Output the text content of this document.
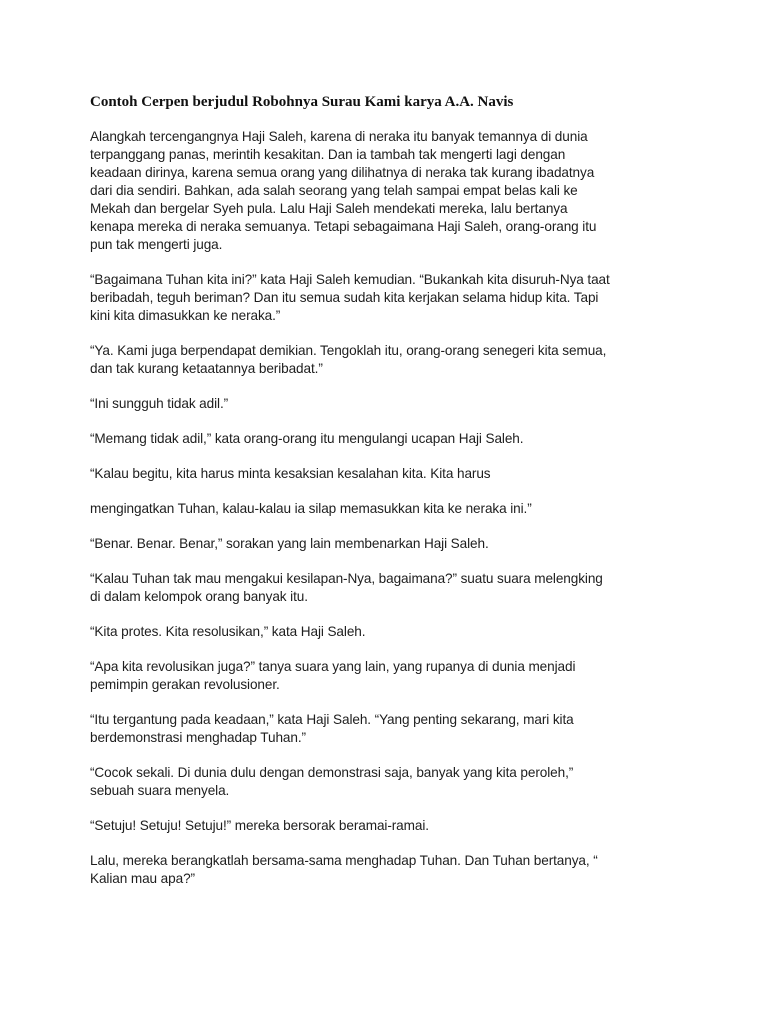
Contoh Cerpen berjudul Robohnya Surau Kami karya A.A. Navis

Alangkah tercengangnya Haji Saleh, karena di neraka itu banyak temannya di dunia
terpanggang panas, merintih kesakitan. Dan ia tambah tak mengerti lagi dengan
keadaan dirinya, karena semua orang yang dilihatnya di neraka tak kurang ibadatnya
dari dia sendiri. Bahkan, ada salah seorang yang telah sampai empat belas kali ke
Mekah dan bergelar Syeh pula. Lalu Haji Saleh mendekati mereka, lalu bertanya
kenapa mereka di neraka semuanya. Tetapi sebagaimana Haji Saleh, orang-orang itu
pun tak mengerti juga.

“Bagaimana Tuhan kita ini?” kata Haji Saleh kemudian. “Bukankah kita disuruh-Nya taat
beribadah, teguh beriman? Dan itu semua sudah kita kerjakan selama hidup kita. Tapi
kini kita dimasukkan ke neraka.”

“Ya. Kami juga berpendapat demikian. Tengoklah itu, orang-orang senegeri kita semua,
dan tak kurang ketaatannya beribadat.”

“Ini sungguh tidak adil.”

“Memang tidak adil,” kata orang-orang itu mengulangi ucapan Haji Saleh.

“Kalau begitu, kita harus minta kesaksian kesalahan kita. Kita harus

mengingatkan Tuhan, kalau-kalau ia silap memasukkan kita ke neraka ini.”

“Benar. Benar. Benar,” sorakan yang lain membenarkan Haji Saleh.

“Kalau Tuhan tak mau mengakui kesilapan-Nya, bagaimana?” suatu suara melengking
di dalam kelompok orang banyak itu.

“Kita protes. Kita resolusikan,” kata Haji Saleh.

“Apa kita revolusikan juga?” tanya suara yang lain, yang rupanya di dunia menjadi
pemimpin gerakan revolusioner.

“Itu tergantung pada keadaan,” kata Haji Saleh. “Yang penting sekarang, mari kita
berdemonstrasi menghadap Tuhan.”

“Cocok sekali. Di dunia dulu dengan demonstrasi saja, banyak yang kita peroleh,”
sebuah suara menyela.

“Setuju! Setuju! Setuju!” mereka bersorak beramai-ramai.

Lalu, mereka berangkatlah bersama-sama menghadap Tuhan. Dan Tuhan bertanya, “
Kalian mau apa?”
